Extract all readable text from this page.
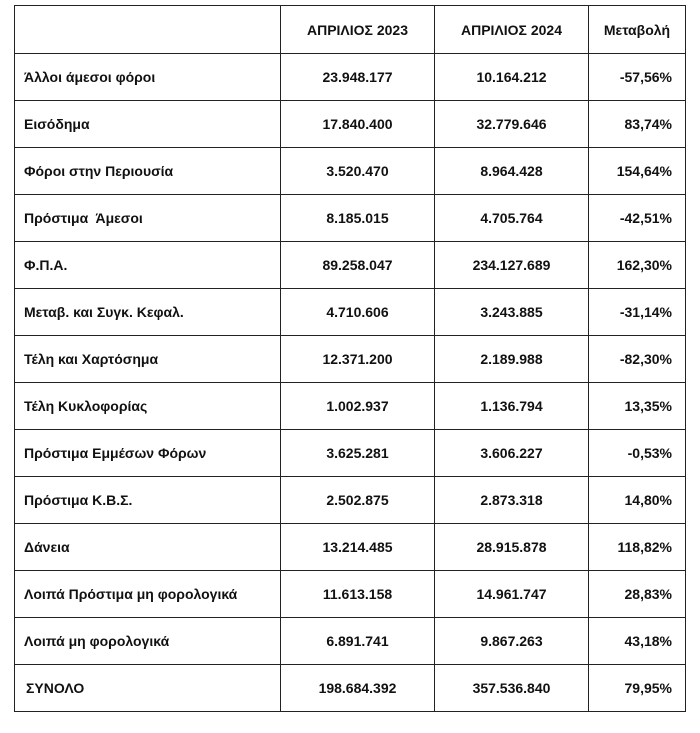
	ΑΠΡΙΛΙΟΣ 2023	ΑΠΡΙΛΙΟΣ 2024	Μεταβολή
Άλλοι άμεσοι φόροι	23.948.177	10.164.212	-57,56%
Εισόδημα	17.840.400	32.779.646	83,74%
Φόροι στην Περιουσία	3.520.470	8.964.428	154,64%
Πρόστιμα  Άμεσοι	8.185.015	4.705.764	-42,51%
Φ.Π.Α.	89.258.047	234.127.689	162,30%
Μεταβ. και Συγκ. Κεφαλ.	4.710.606	3.243.885	-31,14%
Τέλη και Χαρτόσημα	12.371.200	2.189.988	-82,30%
Τέλη Κυκλοφορίας	1.002.937	1.136.794	13,35%
Πρόστιμα Εμμέσων Φόρων	3.625.281	3.606.227	-0,53%
Πρόστιμα Κ.Β.Σ.	2.502.875	2.873.318	14,80%
Δάνεια	13.214.485	28.915.878	118,82%
Λοιπά Πρόστιμα μη φορολογικά	11.613.158	14.961.747	28,83%
Λοιπά μη φορολογικά	6.891.741	9.867.263	43,18%
ΣΥΝΟΛΟ	198.684.392	357.536.840	79,95%
